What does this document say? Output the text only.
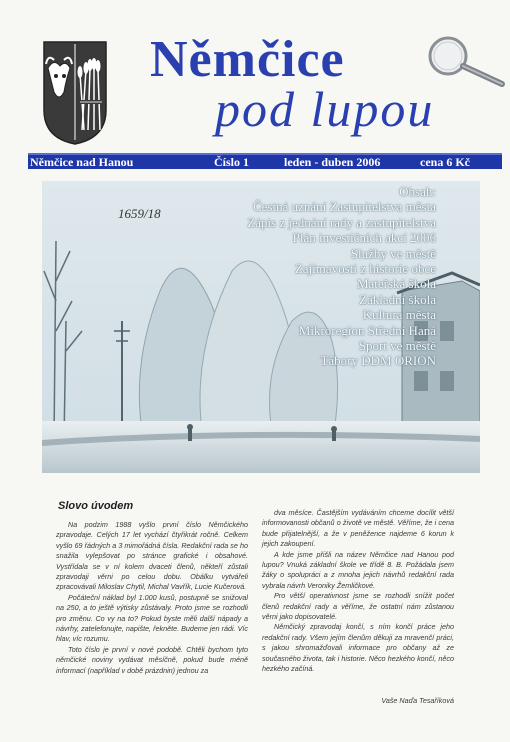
Němčice
pod lupou
Němčice nad Hanou	Číslo 1	leden - duben 2006	cena 6 Kč
1659/18
Obsah:
Čestná uznání Zastupitelstva města
Zápis z jednání rady a zastupitelstva
Plán investičních akcí 2006
Služby ve městě
Zajímavosti z historie obce
Mateřská škola
Základní škola
Kultura města
Mikroregion Střední Haná
Sport ve městě
Tábory DDM ORION
Slovo úvodem

Na podzim 1988 vyšlo první číslo Němčického zpravodaje. Celých 17 let vychází čtyřikrát ročně. Celkem vyšlo 69 řádných a 3 mimořádná čísla. Redakční rada se ho snažila vylepšovat po stránce grafické i obsahové. Vystřídala se v ní kolem dvaceti členů, někteří zůstali zpravodaji věrni po celou dobu. Obálku vytvářeli zpracovávali Miloslav Chytil, Michal Vavřík, Lucie Kučerová.

Počáteční náklad byl 1.000 kusů, postupně se snižoval na 250, a to ještě výtisky zůstávaly. Proto jsme se rozhodli pro změnu. Co vy na to? Pokud byste měli další nápady a návrhy, zatelefonujte, napište, řekněte. Budeme jen rádi. Víc hlav, víc rozumu.

Toto číslo je první v nové podobě. Chtěli bychom tyto němčické noviny vydávat měsíčně, pokud bude méně informací (například v době prázdnin) jednou za

dva měsíce. Častějším vydáváním chceme docílit větší informovanosti občanů o životě ve městě. Věříme, že i cena bude přijatelnější, a že v peněžence najdeme 6 korun k jejich zakoupení.

A kde jsme přišli na název Němčice nad Hanou pod lupou? Vnuká základní škole ve třídě 8. B. Požádala jsem žáky o spolupráci a z mnoha jejich návrhů redakční rada vybrala návrh Veroniky Žemličkové.

Pro větší operativnost jsme se rozhodli snížit počet členů redakční rady a věříme, že ostatní nám zůstanou věrni jako dopisovatelé.

Němčický zpravodaj končí, s ním končí práce jeho redakční rady. Všem jejím členům děkuji za mravenčí práci, s jakou shromažďovali informace pro občany až ze současného života, tak i historie. Něco hezkého končí, něco hezkého začíná.

Vaše Naďa Tesaříková
